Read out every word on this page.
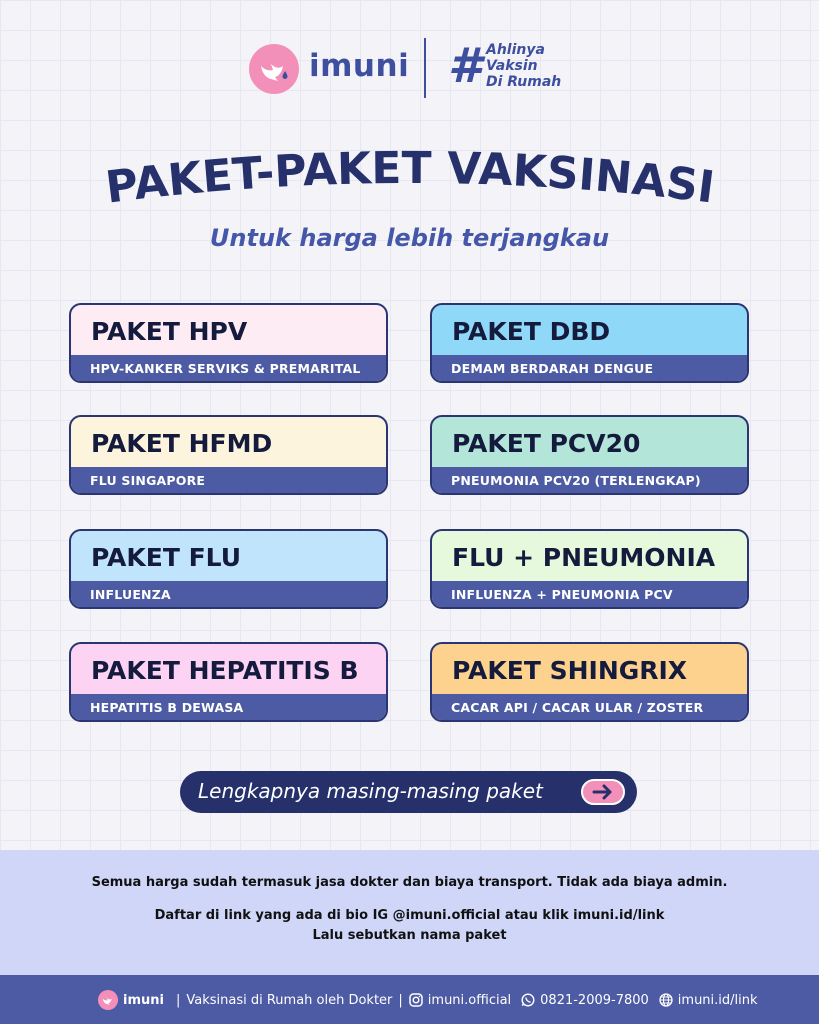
imuni # Ahlinya
Vaksin
Di Rumah
PAKET-PAKET VAKSINASI
Untuk harga lebih terjangkau
PAKET HPV
HPV-KANKER SERVIKS & PREMARITAL
PAKET DBD
DEMAM BERDARAH DENGUE
PAKET HFMD
FLU SINGAPORE
PAKET PCV20
PNEUMONIA PCV20 (TERLENGKAP)
PAKET FLU
INFLUENZA
FLU + PNEUMONIA
INFLUENZA + PNEUMONIA PCV
PAKET HEPATITIS B
HEPATITIS B DEWASA
PAKET SHINGRIX
CACAR API / CACAR ULAR / ZOSTER
Lengkapnya masing-masing paket

Semua harga sudah termasuk jasa dokter dan biaya transport. Tidak ada biaya admin.

Daftar di link yang ada di bio IG @imuni.official atau klik imuni.id/link

Lalu sebutkan nama paket

imuni | Vaksinasi di Rumah oleh Dokter | imuni.official 0821-2009-7800 imuni.id/link
